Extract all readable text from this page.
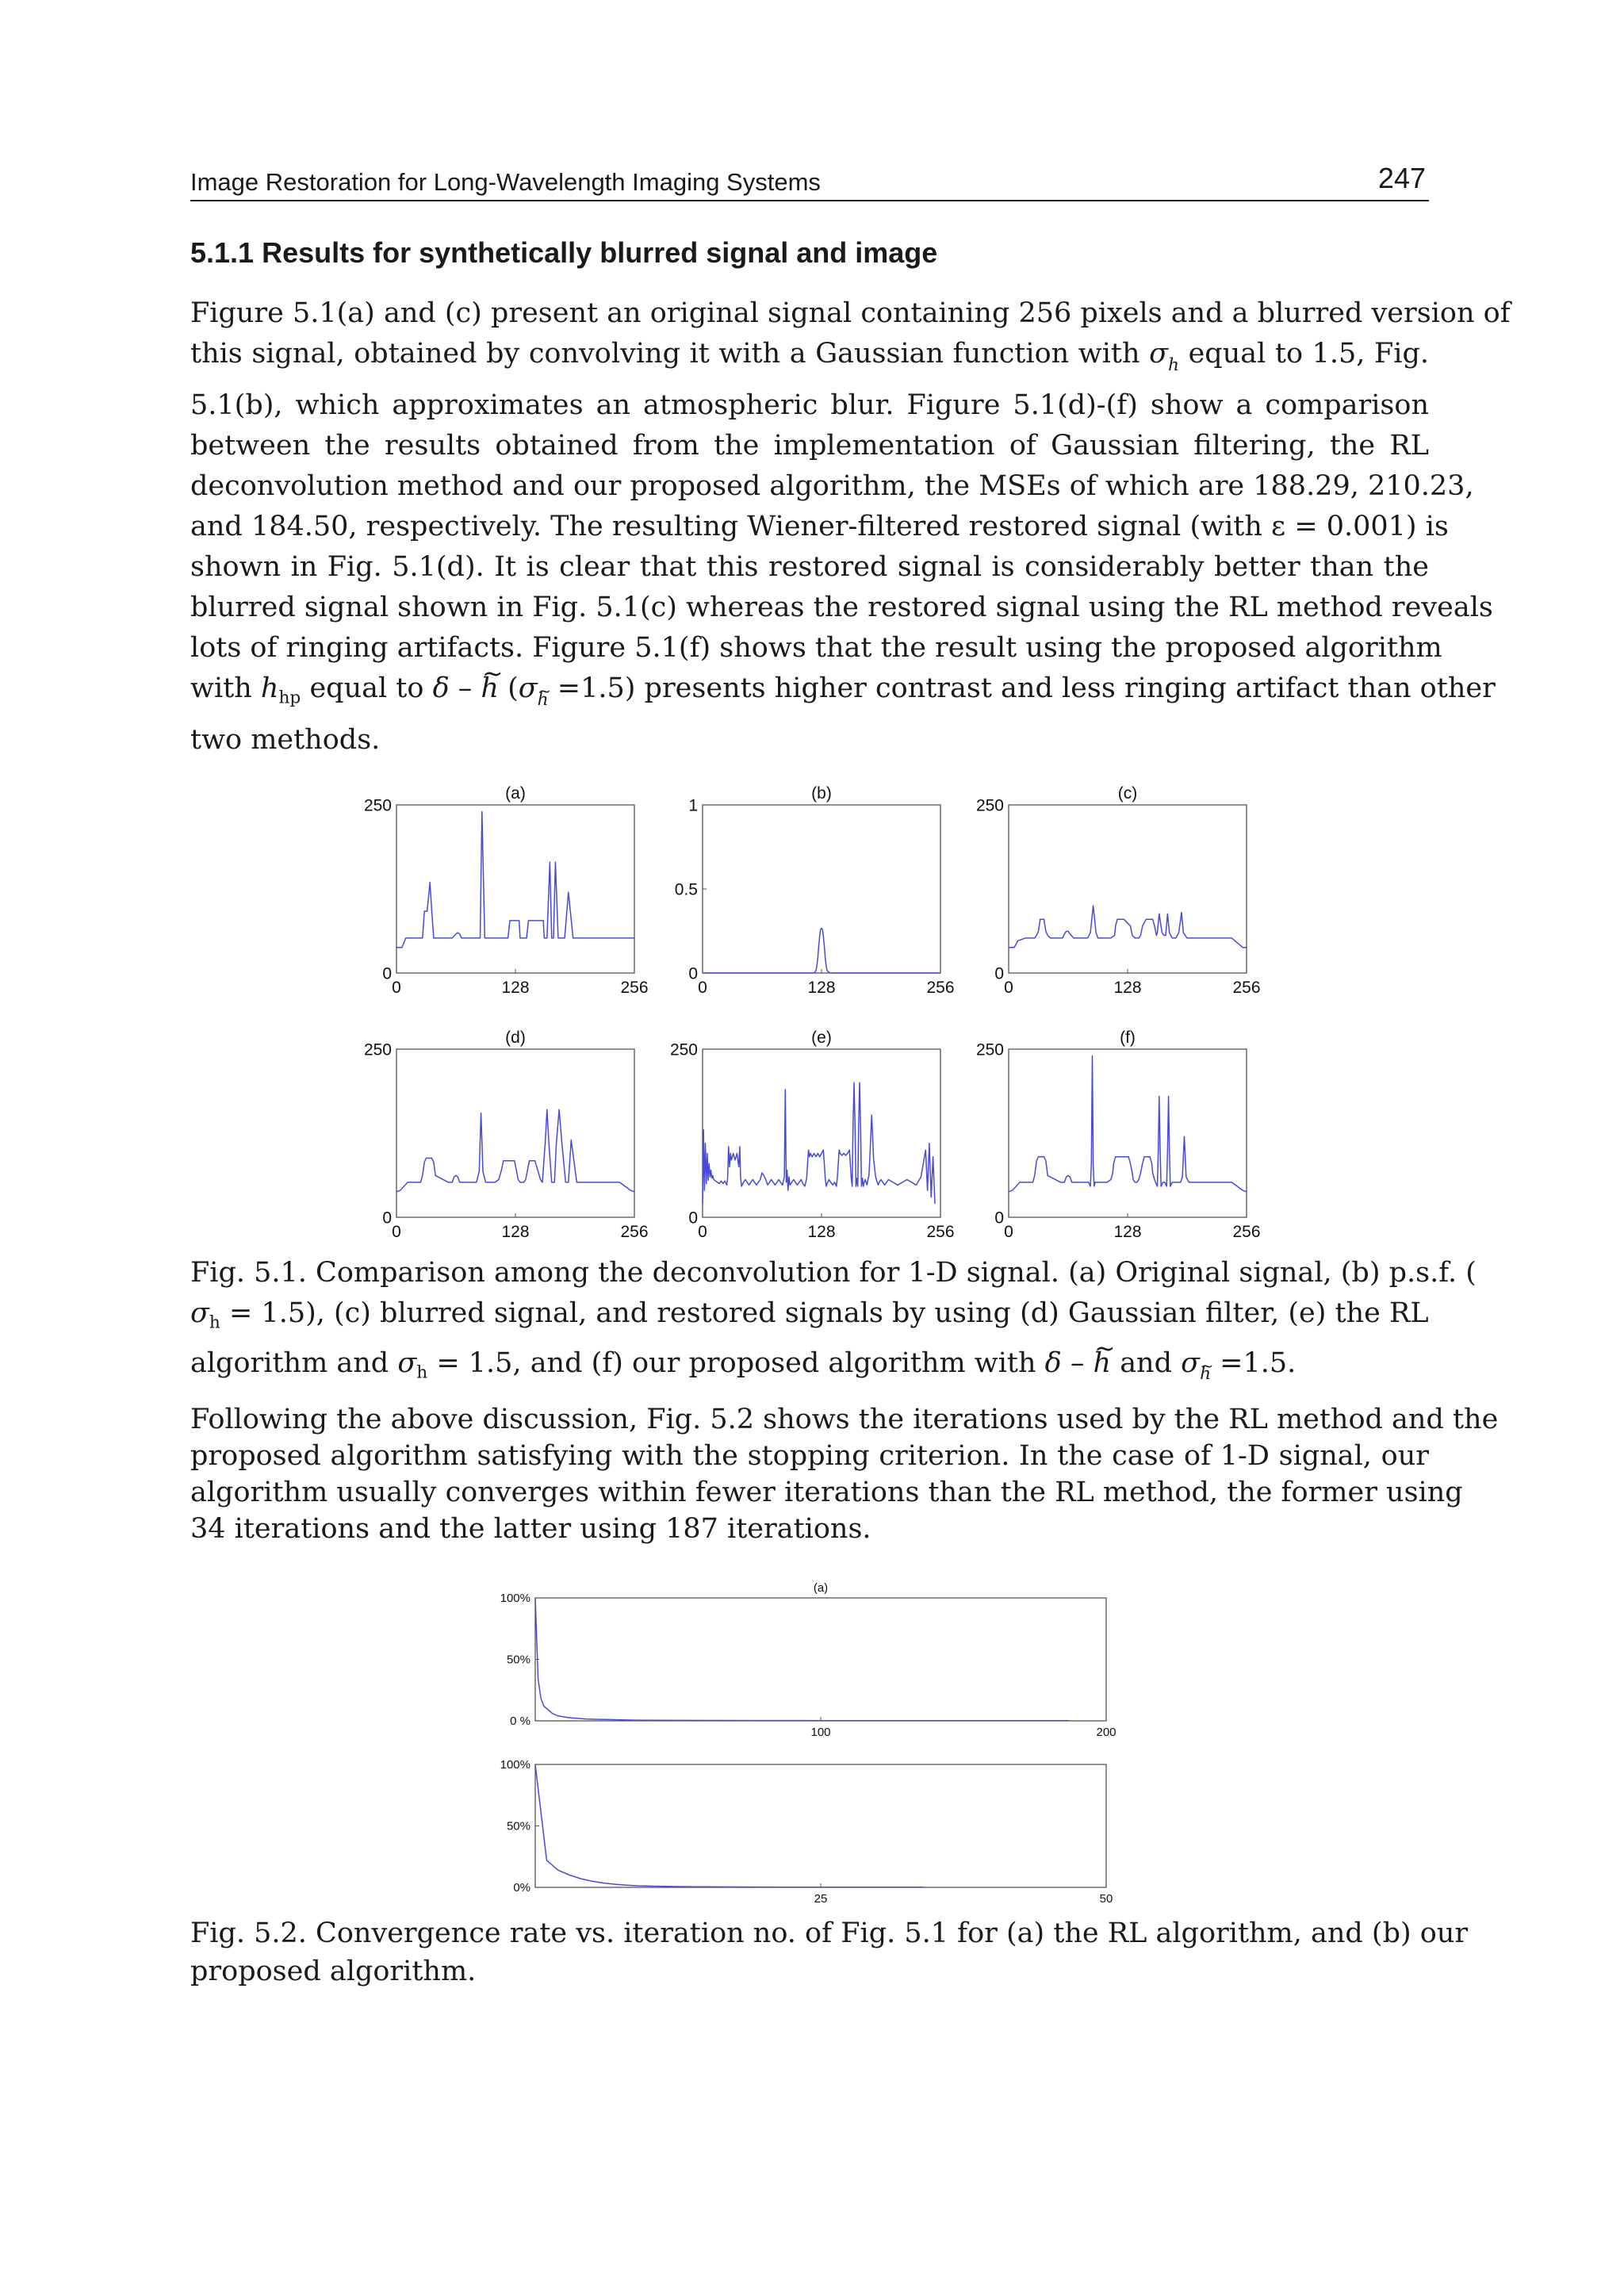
Image Restoration for Long-Wavelength Imaging Systems	247
5.1.1 Results for synthetically blurred signal and image
Figure 5.1(a) and (c) present an original signal containing 256 pixels and a blurred version of
this signal, obtained by convolving it with a Gaussian function with $\sigma_h$ equal to 1.5, Fig.
5.1(b), which approximates an atmospheric blur. Figure 5.1(d)-(f) show a comparison
between the results obtained from the implementation of Gaussian filtering, the RL
deconvolution method and our proposed algorithm, the MSEs of which are 188.29, 210.23,
and 184.50, respectively. The resulting Wiener-filtered restored signal (with ε = 0.001) is
shown in Fig. 5.1(d). It is clear that this restored signal is considerably better than the
blurred signal shown in Fig. 5.1(c) whereas the restored signal using the RL method reveals
lots of ringing artifacts. Figure 5.1(f) shows that the result using the proposed algorithm
with $h_{hp}$ equal to δ – h ~ (σh ~ =1.5) presents higher contrast and less ringing artifact than other
two methods.
(a)
0
250
0	128	256
(b)
0
0.5
1
0	128	256
(c)
0
250
0	128	256
(d)
0
250
0	128	256
(e)
0
250
0	128	256
(f)
0
250
0	128	256
Fig. 5.1. Comparison among the deconvolution for 1-D signal. (a) Original signal, (b) p.s.f. (
$\sigma_h = 1.5$), (c) blurred signal, and restored signals by using (d) Gaussian filter, (e) the RL
algorithm and $\sigma_h = 1.5$, and (f) our proposed algorithm with δ – h ~ and σh ~ =1.5.
Following the above discussion, Fig. 5.2 shows the iterations used by the RL method and the
proposed algorithm satisfying with the stopping criterion. In the case of 1-D signal, our
algorithm usually converges within fewer iterations than the RL method, the former using
34 iterations and the latter using 187 iterations.
(a)
100%
50%
0 %
100	200
100%
50%
0%
25	50
Fig. 5.2. Convergence rate vs. iteration no. of Fig. 5.1 for (a) the RL algorithm, and (b) our
proposed algorithm.
